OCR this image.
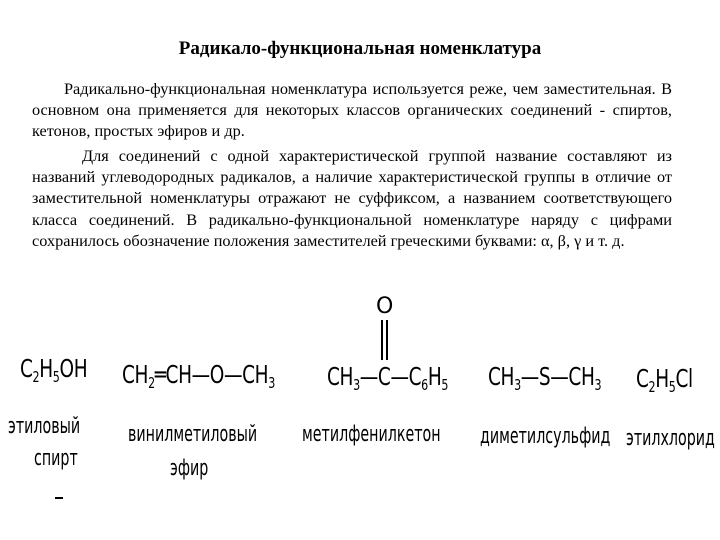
Радикало-функциональная номенклатура
Радикально-функциональная номенклатура используется реже, чем заместительная. В основном она применяется для некоторых классов органических соединений - спиртов, кетонов, простых эфиров и др.
Для соединений с одной характеристической группой название составляют из названий углеводородных радикалов, а наличие характеристической группы в отличие от заместительной номенклатуры отражают не суффиксом, а названием соответствующего класса соединений. В радикально-функциональной номенклатуре наряду с цифрами сохранилось обозначение положения заместителей греческими буквами: α, β, γ и т. д.
$C_2H_5OH$
этиловый
спирт
$CH_2═CH—O—CH_3$
винилметиловый
эфир
O
$CH_3—C—C_6H_5$
метилфенилкетон
$CH_3—S—CH_3$
диметилсульфид
$C_2H_5Cl$
этилхлорид
